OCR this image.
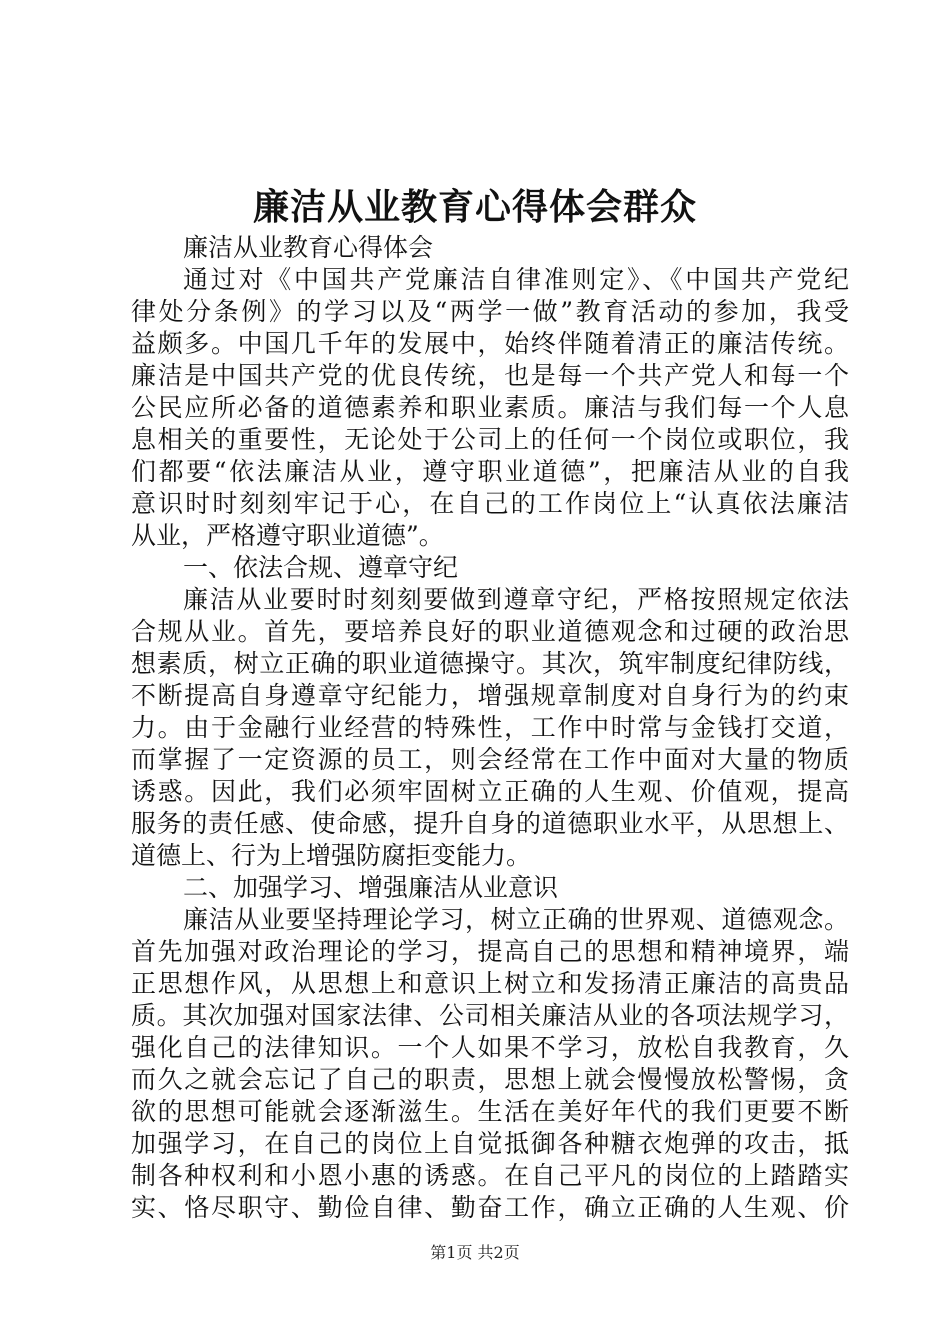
廉洁从业教育心得体会群众
廉洁从业教育心得体会
通过对《中国共产党廉洁自律准则定》、《中国共产党纪
律处分条例》的学习以及“两学一做”教育活动的参加，我受
益颇多。中国几千年的发展中，始终伴随着清正的廉洁传统。
廉洁是中国共产党的优良传统，也是每一个共产党人和每一个
公民应所必备的道德素养和职业素质。廉洁与我们每一个人息
息相关的重要性，无论处于公司上的任何一个岗位或职位，我
们都要“依法廉洁从业，遵守职业道德”，把廉洁从业的自我
意识时时刻刻牢记于心，在自己的工作岗位上“认真依法廉洁
从业，严格遵守职业道德”。
一、依法合规、遵章守纪
廉洁从业要时时刻刻要做到遵章守纪，严格按照规定依法
合规从业。首先，要培养良好的职业道德观念和过硬的政治思
想素质，树立正确的职业道德操守。其次，筑牢制度纪律防线，
不断提高自身遵章守纪能力，增强规章制度对自身行为的约束
力。由于金融行业经营的特殊性，工作中时常与金钱打交道，
而掌握了一定资源的员工，则会经常在工作中面对大量的物质
诱惑。因此，我们必须牢固树立正确的人生观、价值观，提高
服务的责任感、使命感，提升自身的道德职业水平，从思想上、
道德上、行为上增强防腐拒变能力。
二、加强学习、增强廉洁从业意识
廉洁从业要坚持理论学习，树立正确的世界观、道德观念。
首先加强对政治理论的学习，提高自己的思想和精神境界，端
正思想作风，从思想上和意识上树立和发扬清正廉洁的高贵品
质。其次加强对国家法律、公司相关廉洁从业的各项法规学习，
强化自己的法律知识。一个人如果不学习，放松自我教育，久
而久之就会忘记了自己的职责，思想上就会慢慢放松警惕，贪
欲的思想可能就会逐渐滋生。生活在美好年代的我们更要不断
加强学习，在自己的岗位上自觉抵御各种糖衣炮弹的攻击，抵
制各种权利和小恩小惠的诱惑。在自己平凡的岗位的上踏踏实
实、恪尽职守、勤俭自律、勤奋工作，确立正确的人生观、价
第1页 共2页
